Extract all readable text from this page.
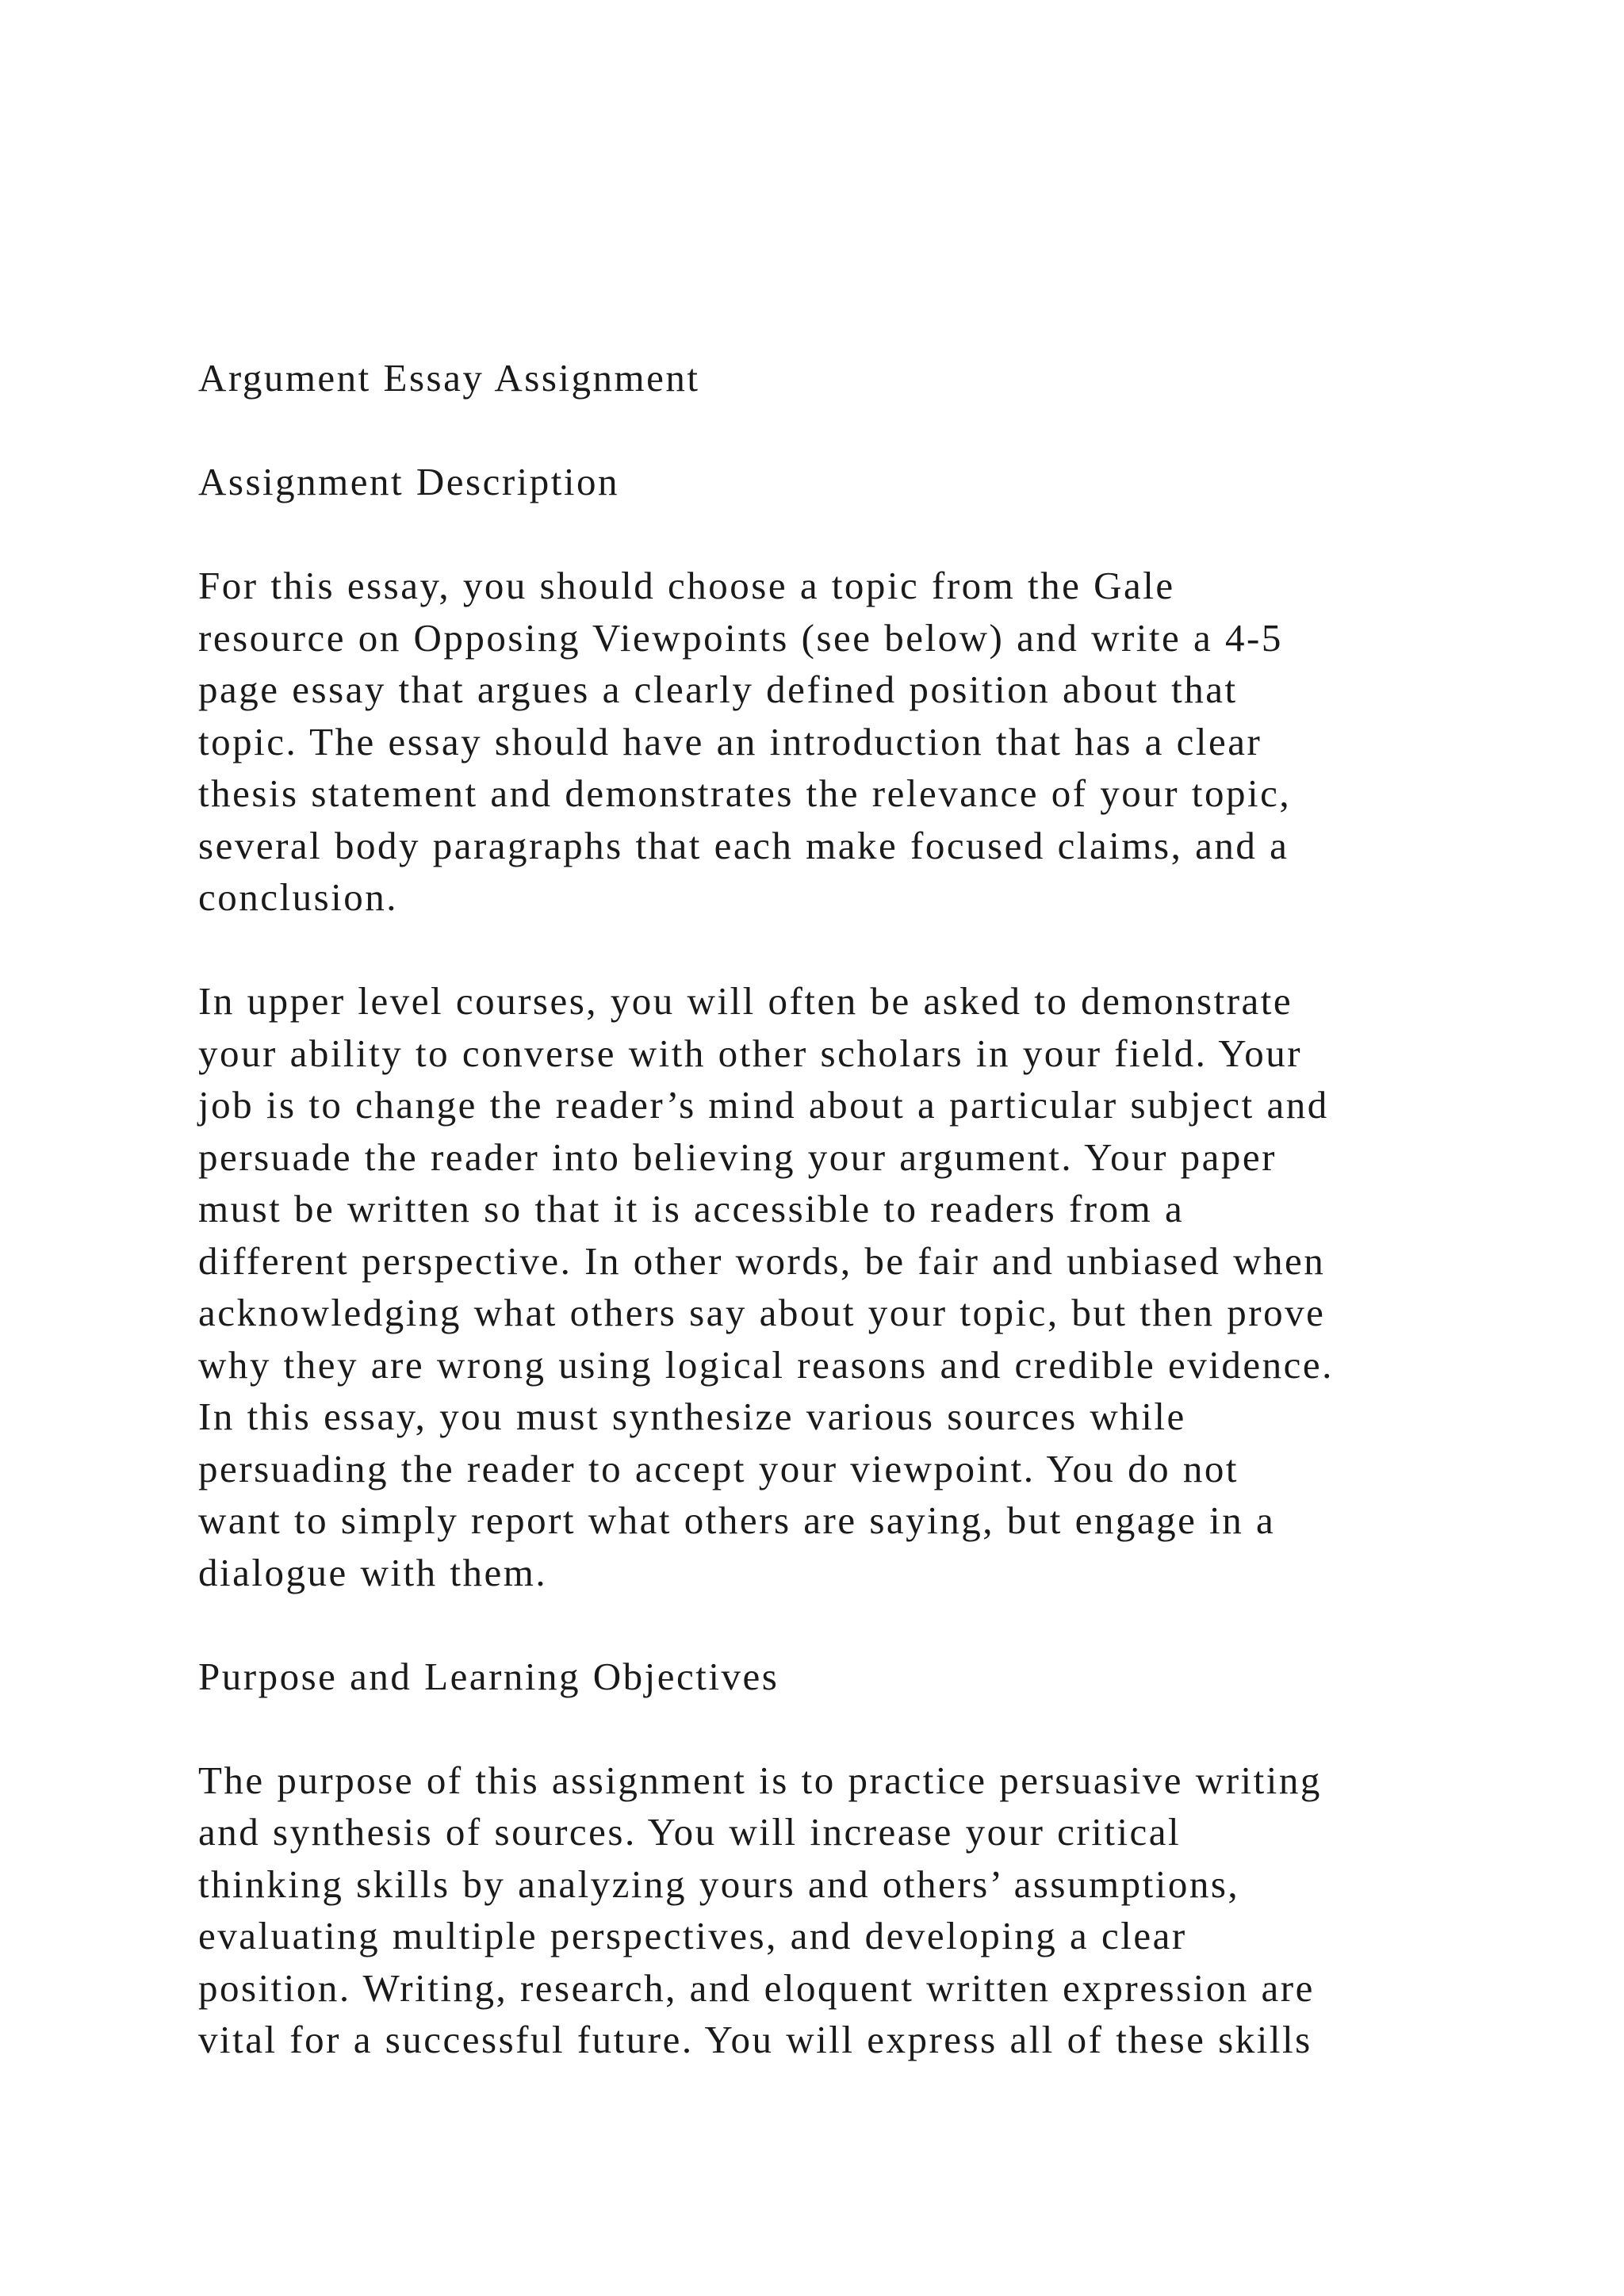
Argument Essay Assignment
Assignment Description
For this essay, you should choose a topic from the Gale
resource on Opposing Viewpoints (see below) and write a 4-5
page essay that argues a clearly defined position about that
topic. The essay should have an introduction that has a clear
thesis statement and demonstrates the relevance of your topic,
several body paragraphs that each make focused claims, and a
conclusion.
In upper level courses, you will often be asked to demonstrate
your ability to converse with other scholars in your field. Your
job is to change the reader’s mind about a particular subject and
persuade the reader into believing your argument. Your paper
must be written so that it is accessible to readers from a
different perspective. In other words, be fair and unbiased when
acknowledging what others say about your topic, but then prove
why they are wrong using logical reasons and credible evidence.
In this essay, you must synthesize various sources while
persuading the reader to accept your viewpoint. You do not
want to simply report what others are saying, but engage in a
dialogue with them.
Purpose and Learning Objectives
The purpose of this assignment is to practice persuasive writing
and synthesis of sources. You will increase your critical
thinking skills by analyzing yours and others’ assumptions,
evaluating multiple perspectives, and developing a clear
position. Writing, research, and eloquent written expression are
vital for a successful future. You will express all of these skills
